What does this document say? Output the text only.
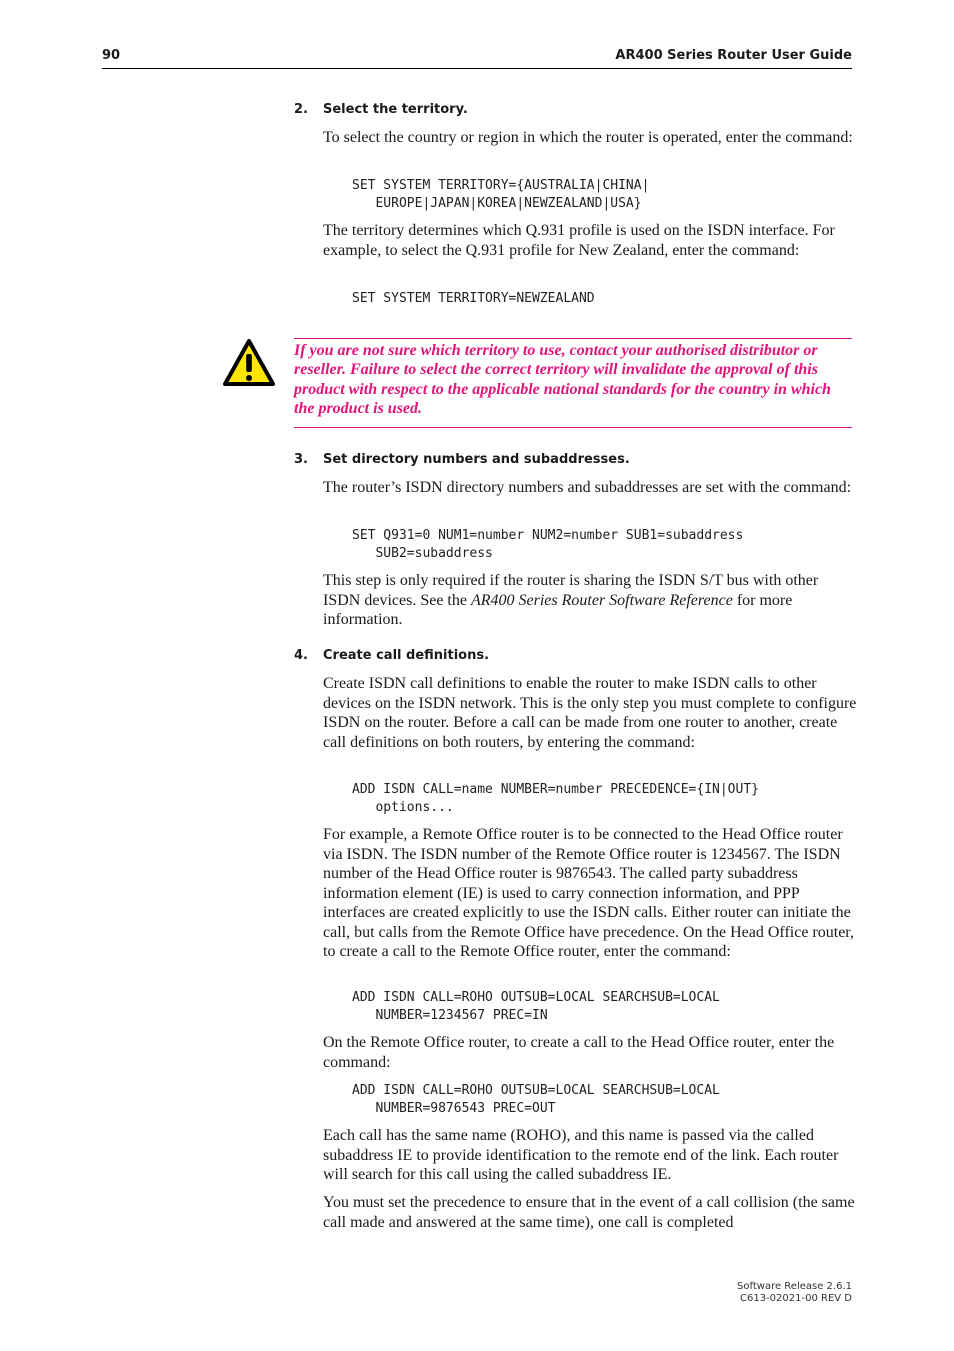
90	AR400 Series Router User Guide
2. Select the territory.
To select the country or region in which the router is operated, enter the command:
SET SYSTEM TERRITORY={AUSTRALIA|CHINA|
EUROPE|JAPAN|KOREA|NEWZEALAND|USA}
The territory determines which Q.931 profile is used on the ISDN interface. For example, to select the Q.931 profile for New Zealand, enter the command:
SET SYSTEM TERRITORY=NEWZEALAND
If you are not sure which territory to use, contact your authorised distributor or reseller. Failure to select the correct territory will invalidate the approval of this product with respect to the applicable national standards for the country in which the product is used.
3. Set directory numbers and subaddresses.
The router’s ISDN directory numbers and subaddresses are set with the command:
SET Q931=0 NUM1=number NUM2=number SUB1=subaddress
SUB2=subaddress
This step is only required if the router is sharing the ISDN S/T bus with other ISDN devices. See the AR400 Series Router Software Reference for more information.
4. Create call definitions.
Create ISDN call definitions to enable the router to make ISDN calls to other devices on the ISDN network. This is the only step you must complete to configure ISDN on the router. Before a call can be made from one router to another, create call definitions on both routers, by entering the command:
ADD ISDN CALL=name NUMBER=number PRECEDENCE={IN|OUT}
options...
For example, a Remote Office router is to be connected to the Head Office router via ISDN. The ISDN number of the Remote Office router is 1234567. The ISDN number of the Head Office router is 9876543. The called party subaddress information element (IE) is used to carry connection information, and PPP interfaces are created explicitly to use the ISDN calls. Either router can initiate the call, but calls from the Remote Office have precedence. On the Head Office router, to create a call to the Remote Office router, enter the command:
ADD ISDN CALL=ROHO OUTSUB=LOCAL SEARCHSUB=LOCAL
NUMBER=1234567 PREC=IN
On the Remote Office router, to create a call to the Head Office router, enter the command:
ADD ISDN CALL=ROHO OUTSUB=LOCAL SEARCHSUB=LOCAL
NUMBER=9876543 PREC=OUT
Each call has the same name (ROHO), and this name is passed via the called subaddress IE to provide identification to the remote end of the link. Each router will search for this call using the called subaddress IE.
You must set the precedence to ensure that in the event of a call collision (the same call made and answered at the same time), one call is completed
Software Release 2.6.1
C613-02021-00 REV D
